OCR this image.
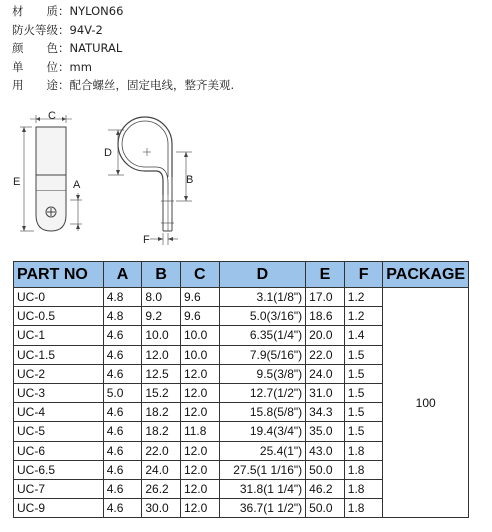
材　　质： NYLON66
防火等级： 94V-2
颜　　色： NATURAL
单　　位： mm
用　　途： 配合螺丝，固定电线，整齐美观.
C
E	A
D
B
F
PART NO	A	B	C	D	E	F	PACKAGE
UC-0	4.8	8.0	9.6	3.1(1/8")	17.0	1.2	100
UC-0.5	4.8	9.2	9.6	5.0(3/16")	18.6	1.2	
UC-1	4.6	10.0	10.0	6.35(1/4")	20.0	1.4	
UC-1.5	4.6	12.0	10.0	7.9(5/16")	22.0	1.5	
UC-2	4.6	12.5	12.0	9.5(3/8")	24.0	1.5	
UC-3	5.0	15.2	12.0	12.7(1/2")	31.0	1.5	
UC-4	4.6	18.2	12.0	15.8(5/8")	34.3	1.5	
UC-5	4.6	18.2	11.8	19.4(3/4")	35.0	1.5	
UC-6	4.6	22.0	12.0	25.4(1")	43.0	1.8	
UC-6.5	4.6	24.0	12.0	27.5(1 1/16")	50.0	1.8	
UC-7	4.6	26.2	12.0	31.8(1 1/4")	46.2	1.8	
UC-9	4.6	30.0	12.0	36.7(1 1/2")	50.0	1.8	
